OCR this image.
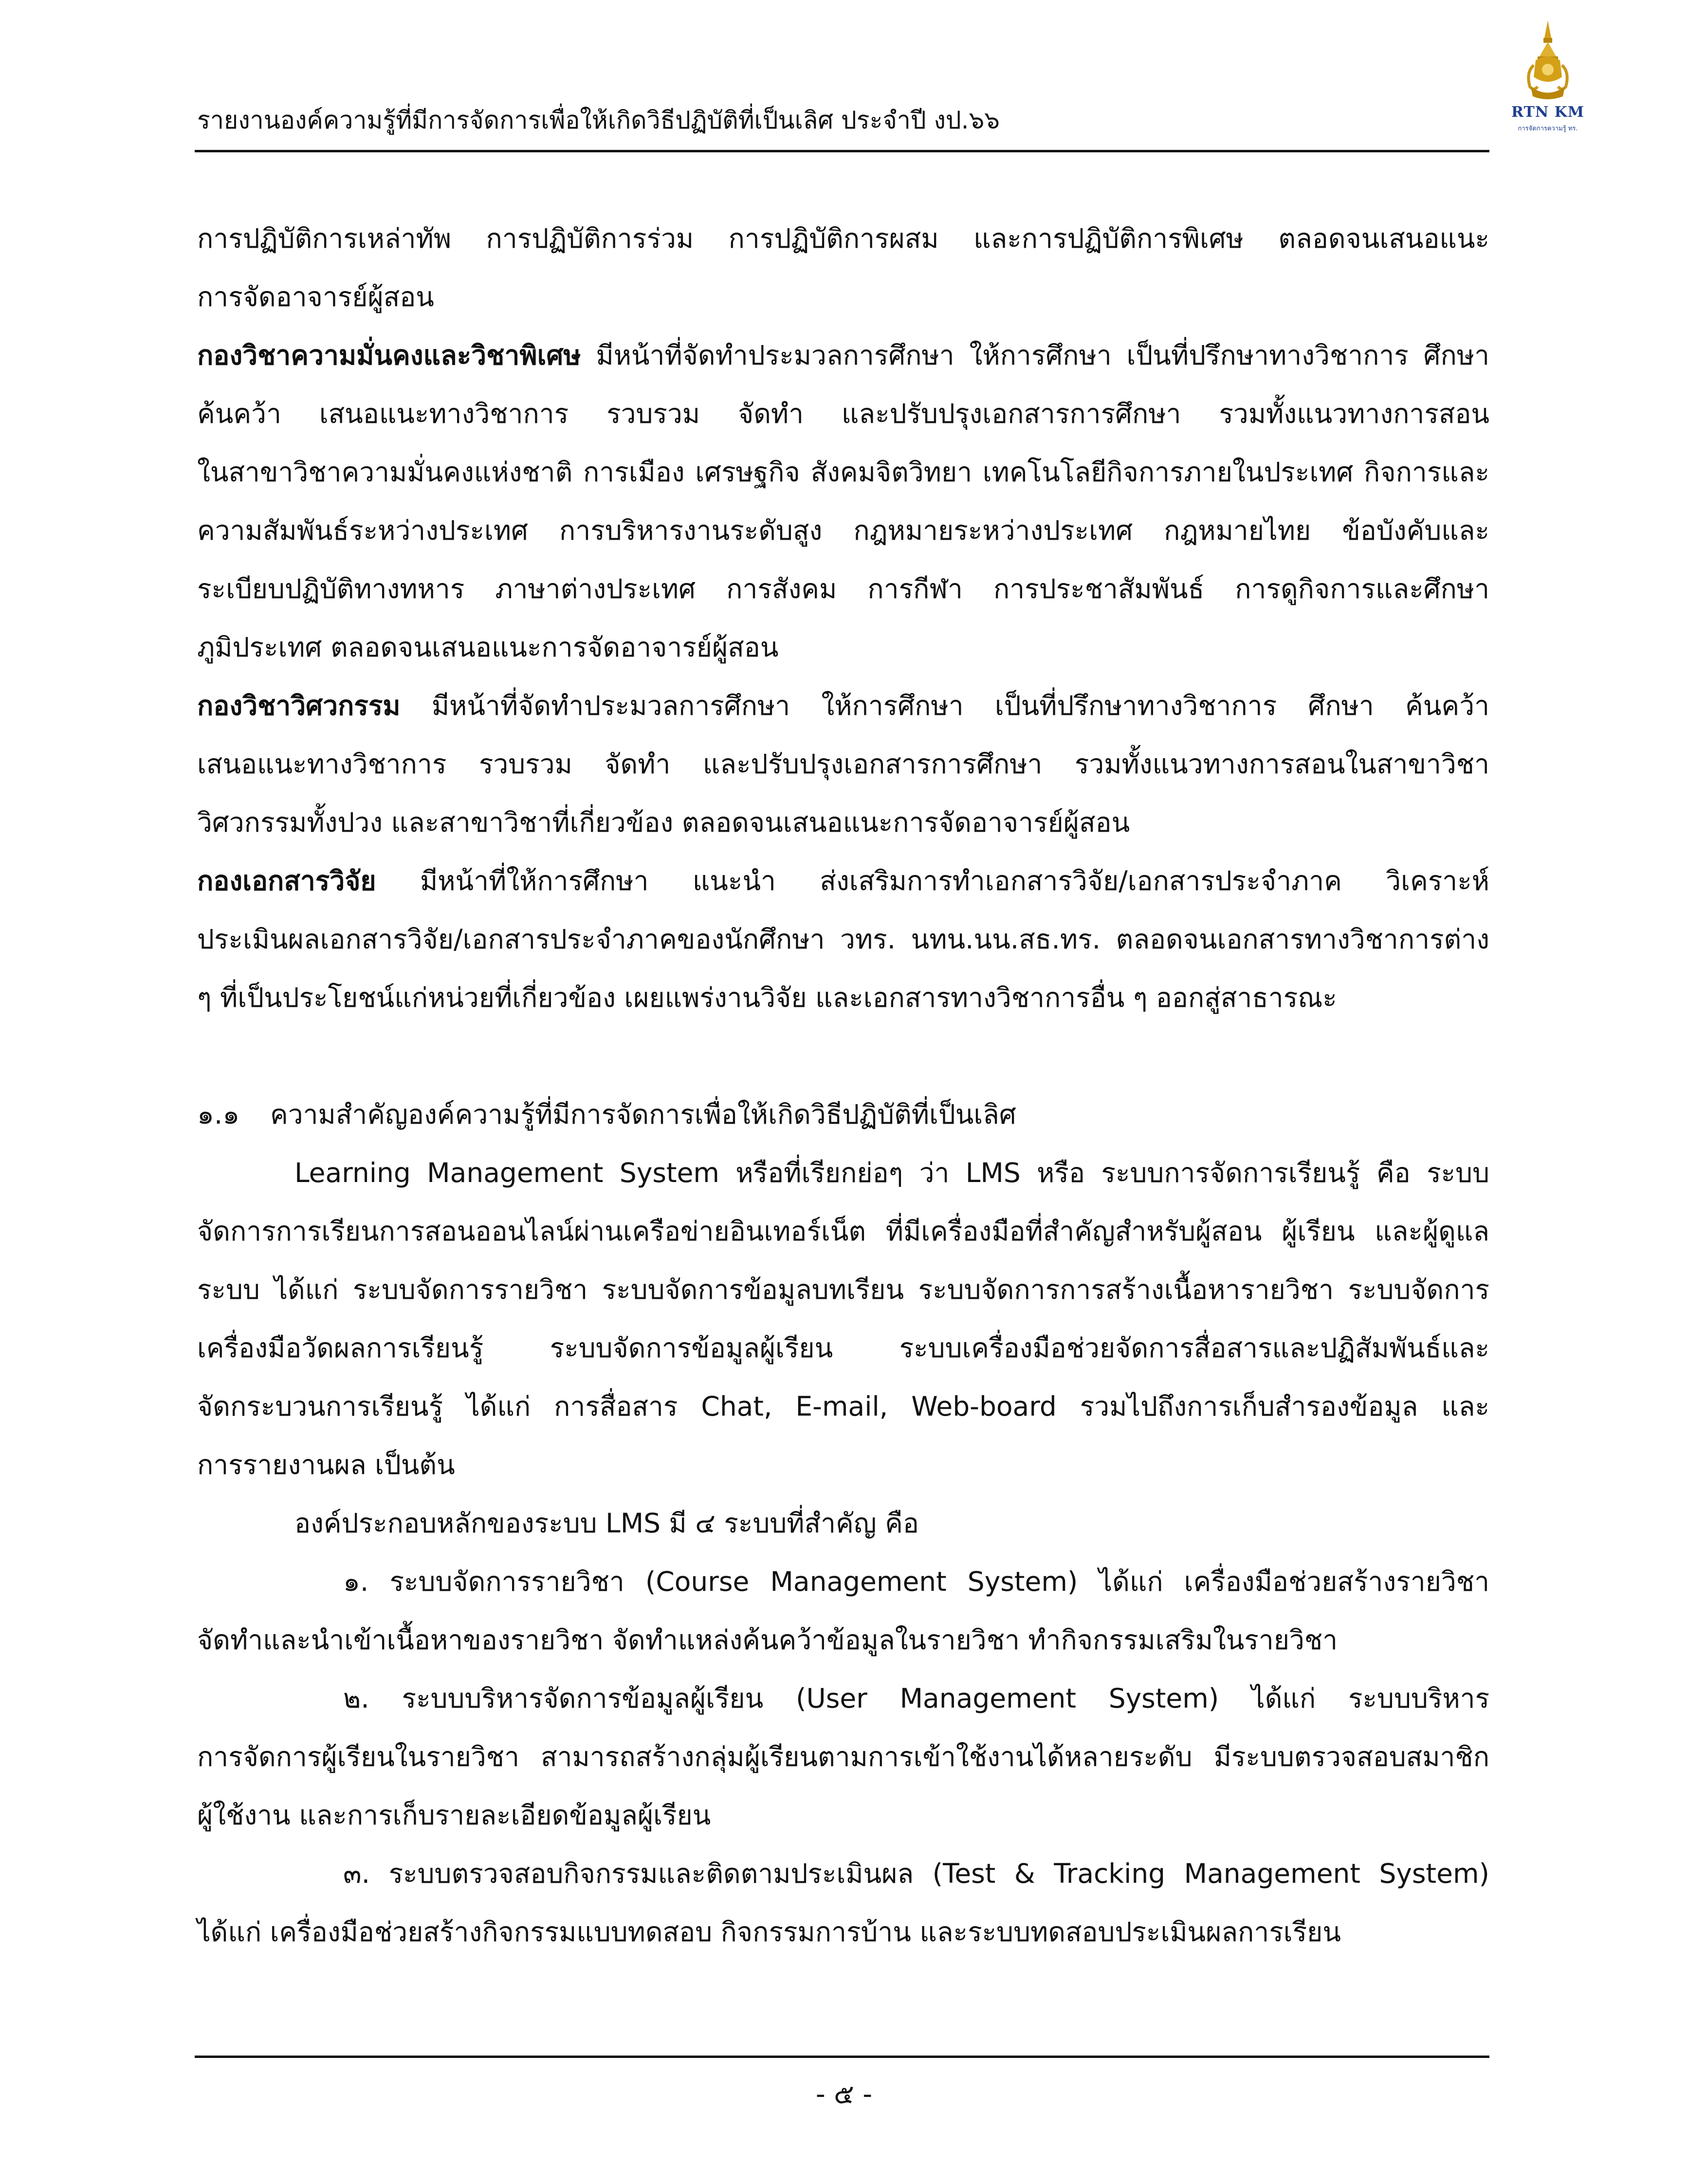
รายงานองค์ความรู้ที่มีการจัดการเพื่อให้เกิดวิธีปฏิบัติที่เป็นเลิศ ประจำปี งป.๖๖	RTN KM
การจัดการความรู้ ทร.
การปฏิบัติการเหล่าทัพ การปฏิบัติการร่วม การปฏิบัติการผสม และการปฏิบัติการพิเศษ ตลอดจนเสนอแนะ
การจัดอาจารย์ผู้สอน
กองวิชาความมั่นคงและวิชาพิเศษ มีหน้าที่จัดทำประมวลการศึกษา ให้การศึกษา เป็นที่ปรึกษาทางวิชาการ ศึกษา
ค้นคว้า เสนอแนะทางวิชาการ รวบรวม จัดทำ และปรับปรุงเอกสารการศึกษา รวมทั้งแนวทางการสอน
ในสาขาวิชาความมั่นคงแห่งชาติ การเมือง เศรษฐกิจ สังคมจิตวิทยา เทคโนโลยีกิจการภายในประเทศ กิจการและ
ความสัมพันธ์ระหว่างประเทศ การบริหารงานระดับสูง กฎหมายระหว่างประเทศ กฎหมายไทย ข้อบังคับและ
ระเบียบปฏิบัติทางทหาร ภาษาต่างประเทศ การสังคม การกีฬา การประชาสัมพันธ์ การดูกิจการและศึกษา
ภูมิประเทศ ตลอดจนเสนอแนะการจัดอาจารย์ผู้สอน
กองวิชาวิศวกรรม มีหน้าที่จัดทำประมวลการศึกษา ให้การศึกษา เป็นที่ปรึกษาทางวิชาการ ศึกษา ค้นคว้า
เสนอแนะทางวิชาการ รวบรวม จัดทำ และปรับปรุงเอกสารการศึกษา รวมทั้งแนวทางการสอนในสาขาวิชา
วิศวกรรมทั้งปวง และสาขาวิชาที่เกี่ยวข้อง ตลอดจนเสนอแนะการจัดอาจารย์ผู้สอน
กองเอกสารวิจัย มีหน้าที่ให้การศึกษา แนะนำ ส่งเสริมการทำเอกสารวิจัย/เอกสารประจำภาค วิเคราะห์
ประเมินผลเอกสารวิจัย/เอกสารประจำภาคของนักศึกษา วทร. นทน.นน.สธ.ทร. ตลอดจนเอกสารทางวิชาการต่าง
ๆ ที่เป็นประโยชน์แก่หน่วยที่เกี่ยวข้อง เผยแพร่งานวิจัย และเอกสารทางวิชาการอื่น ๆ ออกสู่สาธารณะ
๑.๑ ความสำคัญองค์ความรู้ที่มีการจัดการเพื่อให้เกิดวิธีปฏิบัติที่เป็นเลิศ
Learning Management System หรือที่เรียกย่อๆ ว่า LMS หรือ ระบบการจัดการเรียนรู้ คือ ระบบ
จัดการการเรียนการสอนออนไลน์ผ่านเครือข่ายอินเทอร์เน็ต ที่มีเครื่องมือที่สำคัญสำหรับผู้สอน ผู้เรียน และผู้ดูแล
ระบบ ได้แก่ ระบบจัดการรายวิชา ระบบจัดการข้อมูลบทเรียน ระบบจัดการการสร้างเนื้อหารายวิชา ระบบจัดการ
เครื่องมือวัดผลการเรียนรู้ ระบบจัดการข้อมูลผู้เรียน ระบบเครื่องมือช่วยจัดการสื่อสารและปฏิสัมพันธ์และ
จัดกระบวนการเรียนรู้ ได้แก่ การสื่อสาร Chat, E-mail, Web-board รวมไปถึงการเก็บสำรองข้อมูล และ
การรายงานผล เป็นต้น
องค์ประกอบหลักของระบบ LMS มี ๔ ระบบที่สำคัญ คือ
๑. ระบบจัดการรายวิชา (Course Management System) ได้แก่ เครื่องมือช่วยสร้างรายวิชา
จัดทำและนำเข้าเนื้อหาของรายวิชา จัดทำแหล่งค้นคว้าข้อมูลในรายวิชา ทำกิจกรรมเสริมในรายวิชา
๒. ระบบบริหารจัดการข้อมูลผู้เรียน (User Management System) ได้แก่ ระบบบริหาร
การจัดการผู้เรียนในรายวิชา สามารถสร้างกลุ่มผู้เรียนตามการเข้าใช้งานได้หลายระดับ มีระบบตรวจสอบสมาชิก
ผู้ใช้งาน และการเก็บรายละเอียดข้อมูลผู้เรียน
๓. ระบบตรวจสอบกิจกรรมและติดตามประเมินผล (Test & Tracking Management System)
ได้แก่ เครื่องมือช่วยสร้างกิจกรรมแบบทดสอบ กิจกรรมการบ้าน และระบบทดสอบประเมินผลการเรียน
- ๕ -
